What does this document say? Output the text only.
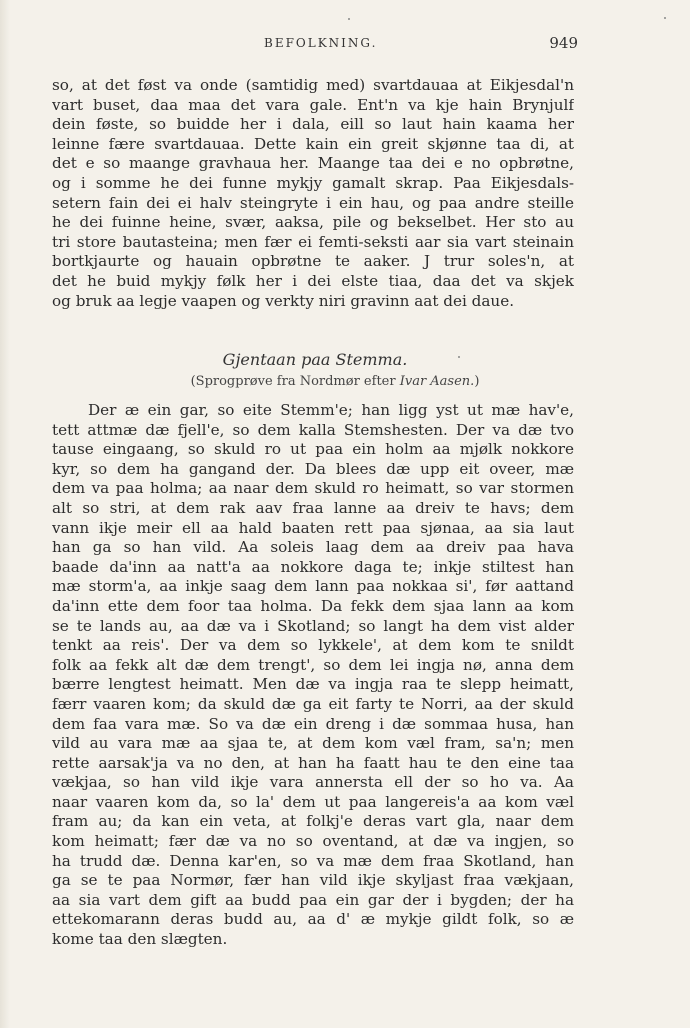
BEFOLKNING.	949
so, at det føst va onde (samtidig med) svartdauaa at Eikjesdal'n
vart buset, daa maa det vara gale. Ent'n va kje hain Brynjulf
dein føste, so buidde her i dala, eill so laut hain kaama her
leinne fære svartdauaa. Dette kain ein greit skjønne taa di, at
det e so maange gravhaua her. Maange taa dei e no opbrøtne,
og i somme he dei funne mykjy gamalt skrap. Paa Eikjesdals-
setern fain dei ei halv steingryte i ein hau, og paa andre steille
he dei fuinne heine, svær, aaksa, pile og bekselbet. Her sto au
tri store bautasteina; men fær ei femti-seksti aar sia vart steinain
bortkjaurte og hauain opbrøtne te aaker. J trur soles'n, at
det he buid mykjy følk her i dei elste tiaa, daa det va skjek
og bruk aa legje vaapen og verkty niri gravinn aat dei daue.
Gjentaan paa Stemma.
(Sprogprøve fra Nordmør efter Ivar Aasen.)
Der æ ein gar, so eite Stemm'e; han ligg yst ut mæ hav'e,
tett attmæ dæ fjell'e, so dem kalla Stemshesten. Der va dæ tvo
tause eingaang, so skuld ro ut paa ein holm aa mjølk nokkore
kyr, so dem ha gangand der. Da blees dæ upp eit oveer, mæ
dem va paa holma; aa naar dem skuld ro heimatt, so var stormen
alt so stri, at dem rak aav fraa lanne aa dreiv te havs; dem
vann ikje meir ell aa hald baaten rett paa sjønaa, aa sia laut
han ga so han vild. Aa soleis laag dem aa dreiv paa hava
baade da'inn aa natt'a aa nokkore daga te; inkje stiltest han
mæ storm'a, aa inkje saag dem lann paa nokkaa si', før aattand
da'inn ette dem foor taa holma. Da fekk dem sjaa lann aa kom
se te lands au, aa dæ va i Skotland; so langt ha dem vist alder
tenkt aa reis'. Der va dem so lykkele', at dem kom te snildt
folk aa fekk alt dæ dem trengt', so dem lei ingja nø, anna dem
bærre lengtest heimatt. Men dæ va ingja raa te slepp heimatt,
færr vaaren kom; da skuld dæ ga eit farty te Norri, aa der skuld
dem faa vara mæ. So va dæ ein dreng i dæ sommaa husa, han
vild au vara mæ aa sjaa te, at dem kom væl fram, sa'n; men
rette aarsak'ja va no den, at han ha faatt hau te den eine taa
vækjaa, so han vild ikje vara annersta ell der so ho va. Aa
naar vaaren kom da, so la' dem ut paa langereis'a aa kom væl
fram au; da kan ein veta, at folkj'e deras vart gla, naar dem
kom heimatt; fær dæ va no so oventand, at dæ va ingjen, so
ha trudd dæ. Denna kar'en, so va mæ dem fraa Skotland, han
ga se te paa Normør, fær han vild ikje skyljast fraa vækjaan,
aa sia vart dem gift aa budd paa ein gar der i bygden; der ha
ettekomarann deras budd au, aa d' æ mykje gildt folk, so æ
kome taa den slægten.
